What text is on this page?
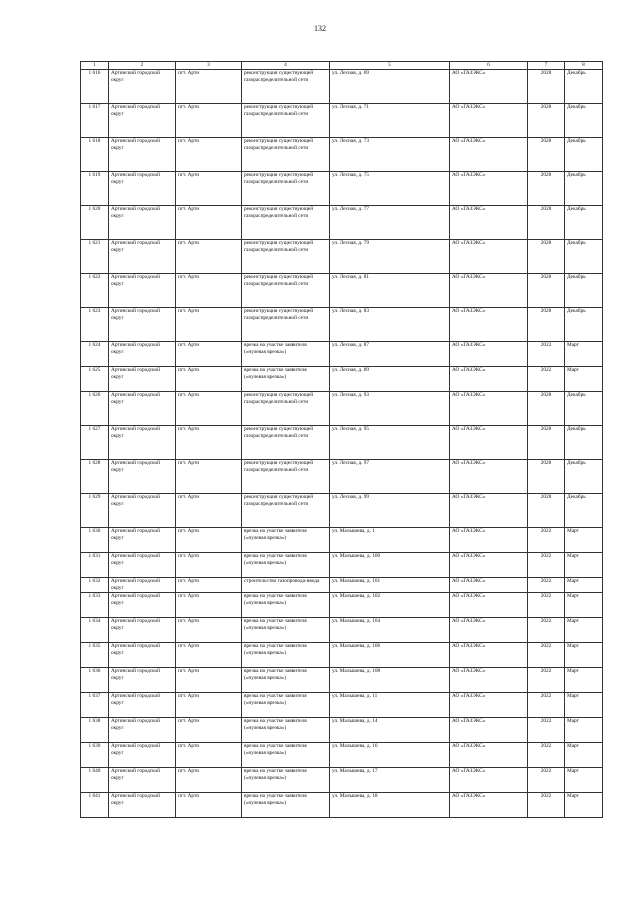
132
1	2	3	4	5	6	7	8
1 616	Артинский городской округ	пгт. Арти	реконструкция существующей газораспределительной сети	ул. Лесная, д. 69	АО «ГАЗЭКС»	2028	Декабрь
1 617	Артинский городской округ	пгт. Арти	реконструкция существующей газораспределительной сети	ул. Лесная, д. 71	АО «ГАЗЭКС»	2028	Декабрь
1 618	Артинский городской округ	пгт. Арти	реконструкция существующей газораспределительной сети	ул. Лесная, д. 73	АО «ГАЗЭКС»	2028	Декабрь
1 619	Артинский городской округ	пгт. Арти	реконструкция существующей газораспределительной сети	ул. Лесная, д. 75	АО «ГАЗЭКС»	2028	Декабрь
1 620	Артинский городской округ	пгт. Арти	реконструкция существующей газораспределительной сети	ул. Лесная, д. 77	АО «ГАЗЭКС»	2028	Декабрь
1 621	Артинский городской округ	пгт. Арти	реконструкция существующей газораспределительной сети	ул. Лесная, д. 79	АО «ГАЗЭКС»	2028	Декабрь
1 622	Артинский городской округ	пгт. Арти	реконструкция существующей газораспределительной сети	ул. Лесная, д. 81	АО «ГАЗЭКС»	2028	Декабрь
1 623	Артинский городской округ	пгт. Арти	реконструкция существующей газораспределительной сети	ул. Лесная, д. 83	АО «ГАЗЭКС»	2028	Декабрь
1 624	Артинский городской округ	пгт. Арти	врезка на участке заявителя («нулевая врезка»)	ул. Лесная, д. 87	АО «ГАЗЭКС»	2022	Март
1 625	Артинский городской округ	пгт. Арти	врезка на участке заявителя («нулевая врезка»)	ул. Лесная, д. 89	АО «ГАЗЭКС»	2022	Март
1 626	Артинский городской округ	пгт. Арти	реконструкция существующей газораспределительной сети	ул. Лесная, д. 93	АО «ГАЗЭКС»	2028	Декабрь
1 627	Артинский городской округ	пгт. Арти	реконструкция существующей газораспределительной сети	ул. Лесная, д. 95	АО «ГАЗЭКС»	2028	Декабрь
1 628	Артинский городской округ	пгт. Арти	реконструкция существующей газораспределительной сети	ул. Лесная, д. 97	АО «ГАЗЭКС»	2028	Декабрь
1 629	Артинский городской округ	пгт. Арти	реконструкция существующей газораспределительной сети	ул. Лесная, д. 99	АО «ГАЗЭКС»	2028	Декабрь
1 630	Артинский городской округ	пгт. Арти	врезка на участке заявителя («нулевая врезка»)	ул. Малышева, д. 1	АО «ГАЗЭКС»	2022	Март
1 631	Артинский городской округ	пгт. Арти	врезка на участке заявителя («нулевая врезка»)	ул. Малышева, д. 100	АО «ГАЗЭКС»	2022	Март
1 632	Артинский городской округ	пгт. Арти	строительство газопровода-ввода	ул. Малышева, д. 101	АО «ГАЗЭКС»	2022	Март
1 633	Артинский городской округ	пгт. Арти	врезка на участке заявителя («нулевая врезка»)	ул. Малышева, д. 102	АО «ГАЗЭКС»	2022	Март
1 634	Артинский городской округ	пгт. Арти	врезка на участке заявителя («нулевая врезка»)	ул. Малышева, д. 104	АО «ГАЗЭКС»	2022	Март
1 635	Артинский городской округ	пгт. Арти	врезка на участке заявителя («нулевая врезка»)	ул. Малышева, д. 106	АО «ГАЗЭКС»	2022	Март
1 636	Артинский городской округ	пгт. Арти	врезка на участке заявителя («нулевая врезка»)	ул. Малышева, д. 108	АО «ГАЗЭКС»	2022	Март
1 637	Артинский городской округ	пгт. Арти	врезка на участке заявителя («нулевая врезка»)	ул. Малышева, д. 11	АО «ГАЗЭКС»	2022	Март
1 638	Артинский городской округ	пгт. Арти	врезка на участке заявителя («нулевая врезка»)	ул. Малышева, д. 14	АО «ГАЗЭКС»	2022	Март
1 639	Артинский городской округ	пгт. Арти	врезка на участке заявителя («нулевая врезка»)	ул. Малышева, д. 16	АО «ГАЗЭКС»	2022	Март
1 640	Артинский городской округ	пгт. Арти	врезка на участке заявителя («нулевая врезка»)	ул. Малышева, д. 17	АО «ГАЗЭКС»	2022	Март
1 641	Артинский городской округ	пгт. Арти	врезка на участке заявителя («нулевая врезка»)	ул. Малышева, д. 18	АО «ГАЗЭКС»	2022	Март
